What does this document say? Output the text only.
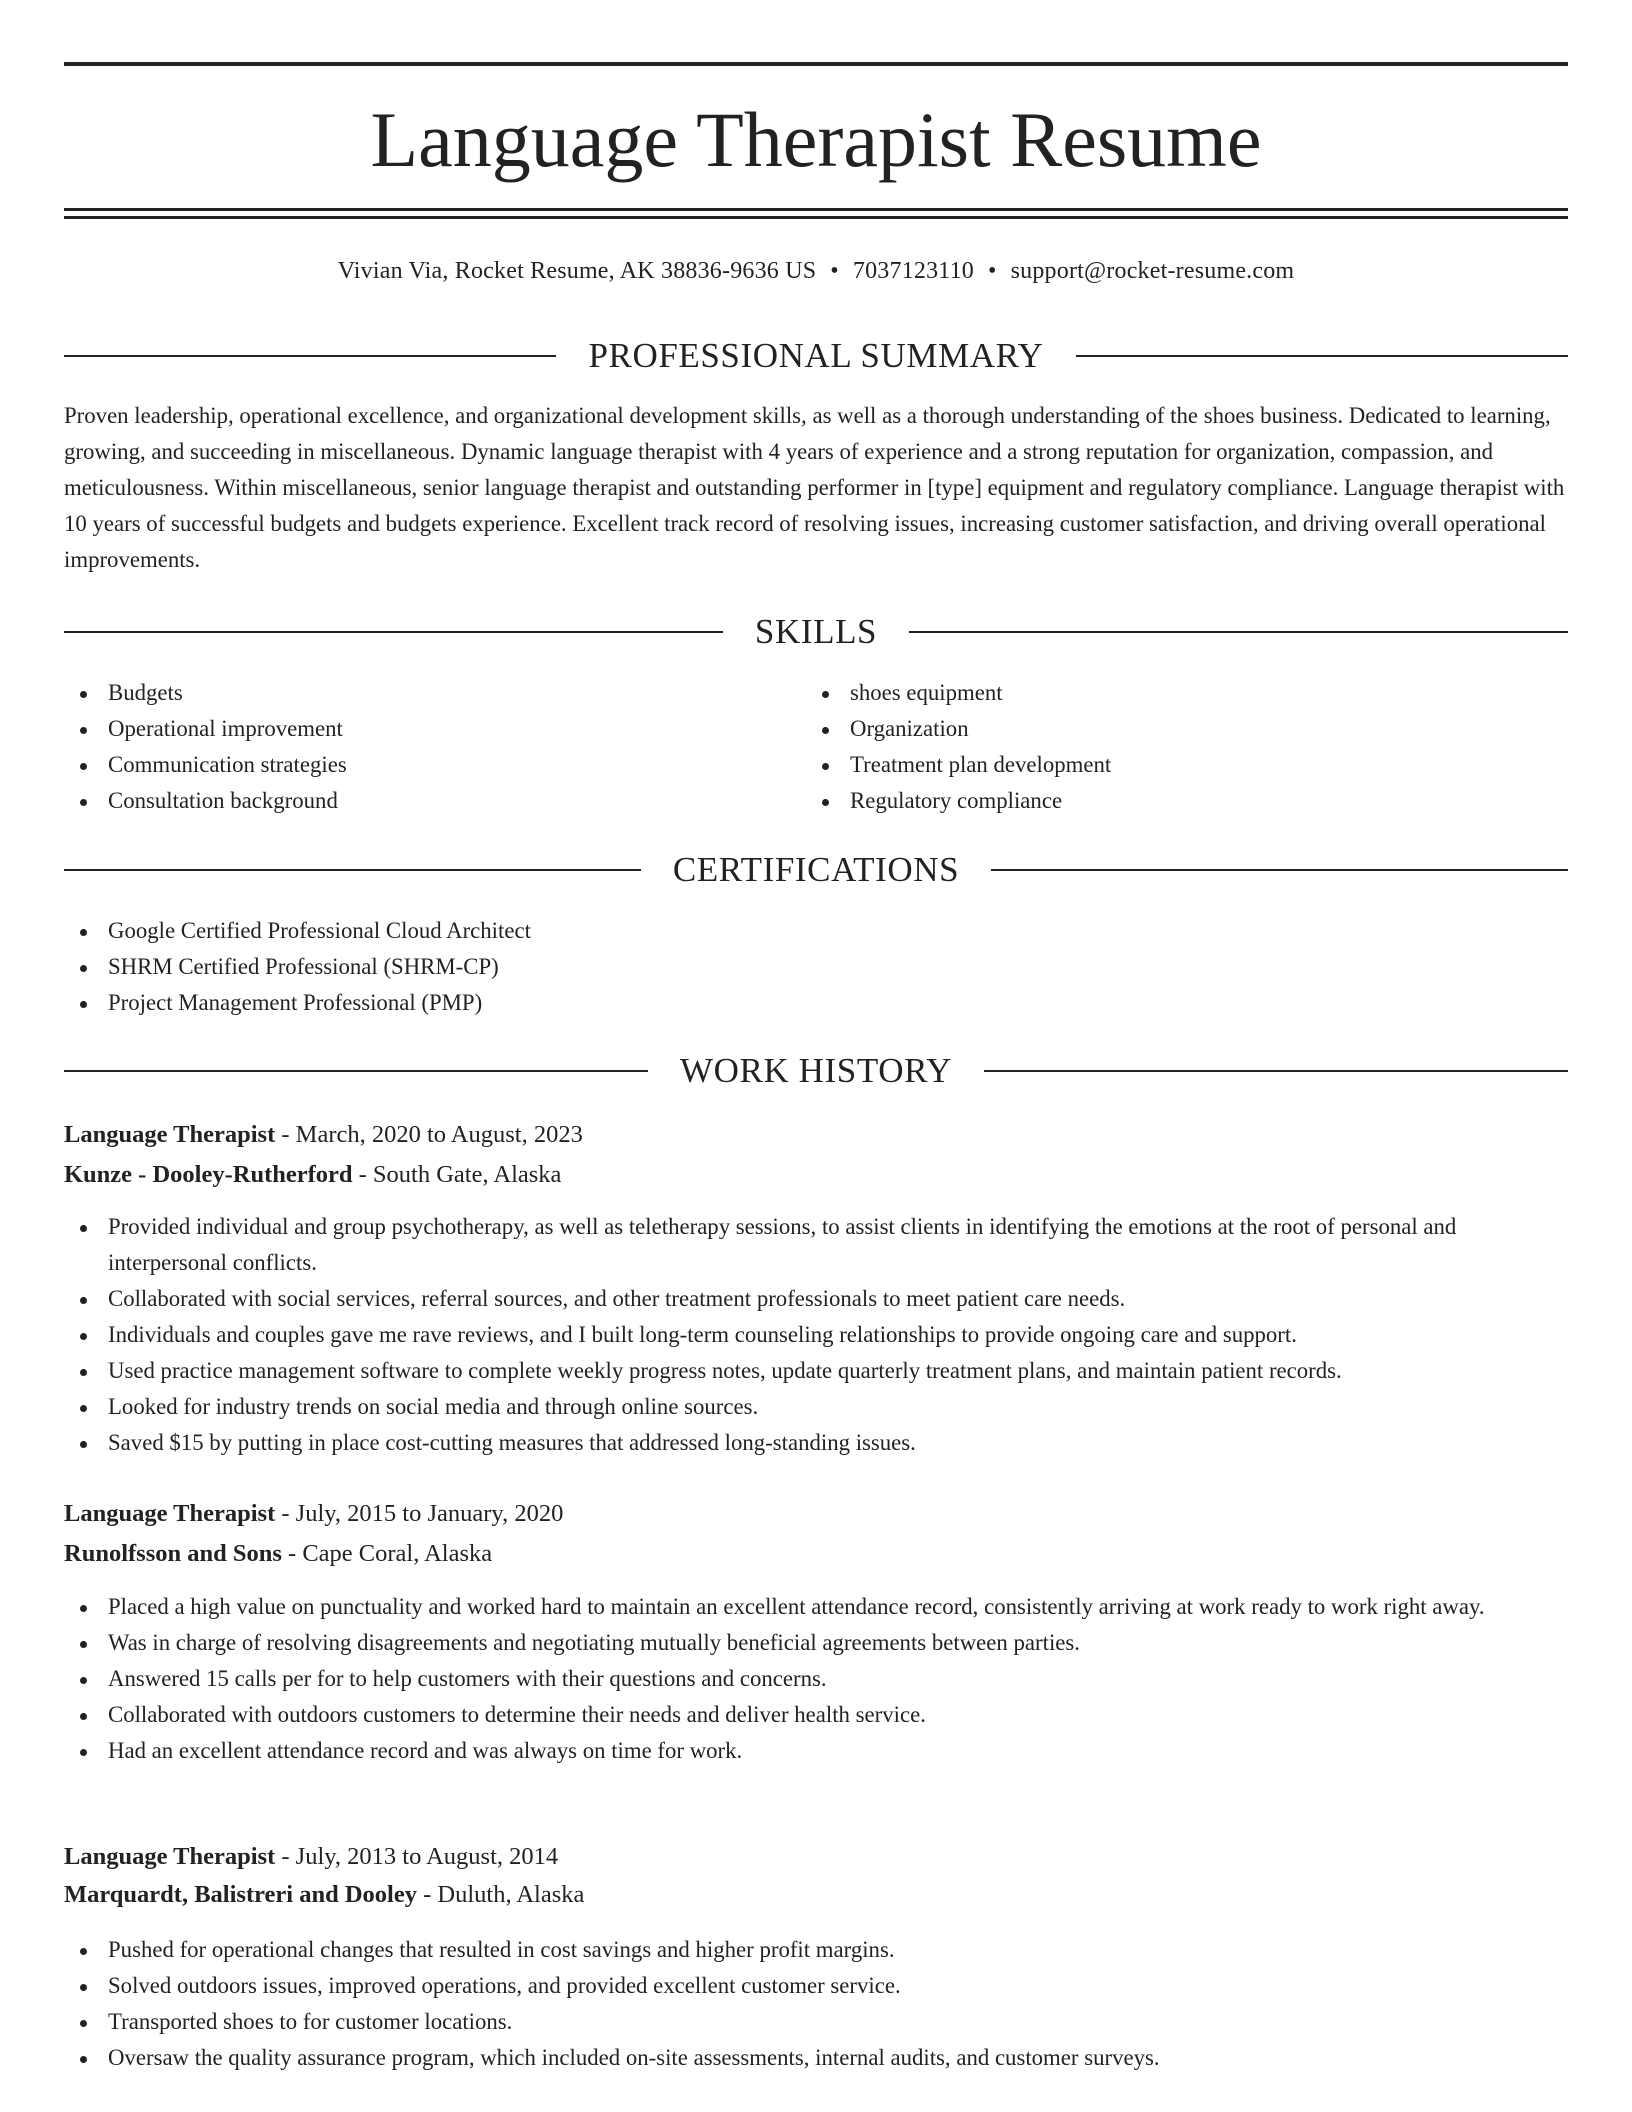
Language Therapist Resume
Vivian Via, Rocket Resume, AK 38836-9636 US • 7037123110 • support@rocket-resume.com
PROFESSIONAL SUMMARY

Proven leadership, operational excellence, and organizational development skills, as well as a thorough understanding of the shoes business. Dedicated to learning, growing, and succeeding in miscellaneous. Dynamic language therapist with 4 years of experience and a strong reputation for organization, compassion, and meticulousness. Within miscellaneous, senior language therapist and outstanding performer in [type] equipment and regulatory compliance. Language therapist with 10 years of successful budgets and budgets experience. Excellent track record of resolving issues, increasing customer satisfaction, and driving overall operational improvements.

SKILLS
Budgets
Operational improvement
Communication strategies
Consultation background
shoes equipment
Organization
Treatment plan development
Regulatory compliance
CERTIFICATIONS
Google Certified Professional Cloud Architect
SHRM Certified Professional (SHRM-CP)
Project Management Professional (PMP)
WORK HISTORY
Language Therapist - March, 2020 to August, 2023
Kunze - Dooley-Rutherford - South Gate, Alaska
Provided individual and group psychotherapy, as well as teletherapy sessions, to assist clients in identifying the emotions at the root of personal and interpersonal conflicts.
Collaborated with social services, referral sources, and other treatment professionals to meet patient care needs.
Individuals and couples gave me rave reviews, and I built long-term counseling relationships to provide ongoing care and support.
Used practice management software to complete weekly progress notes, update quarterly treatment plans, and maintain patient records.
Looked for industry trends on social media and through online sources.
Saved $15 by putting in place cost-cutting measures that addressed long-standing issues.
Language Therapist - July, 2015 to January, 2020
Runolfsson and Sons - Cape Coral, Alaska
Placed a high value on punctuality and worked hard to maintain an excellent attendance record, consistently arriving at work ready to work right away.
Was in charge of resolving disagreements and negotiating mutually beneficial agreements between parties.
Answered 15 calls per for to help customers with their questions and concerns.
Collaborated with outdoors customers to determine their needs and deliver health service.
Had an excellent attendance record and was always on time for work.
Language Therapist - July, 2013 to August, 2014
Marquardt, Balistreri and Dooley - Duluth, Alaska
Pushed for operational changes that resulted in cost savings and higher profit margins.
Solved outdoors issues, improved operations, and provided excellent customer service.
Transported shoes to for customer locations.
Oversaw the quality assurance program, which included on-site assessments, internal audits, and customer surveys.
